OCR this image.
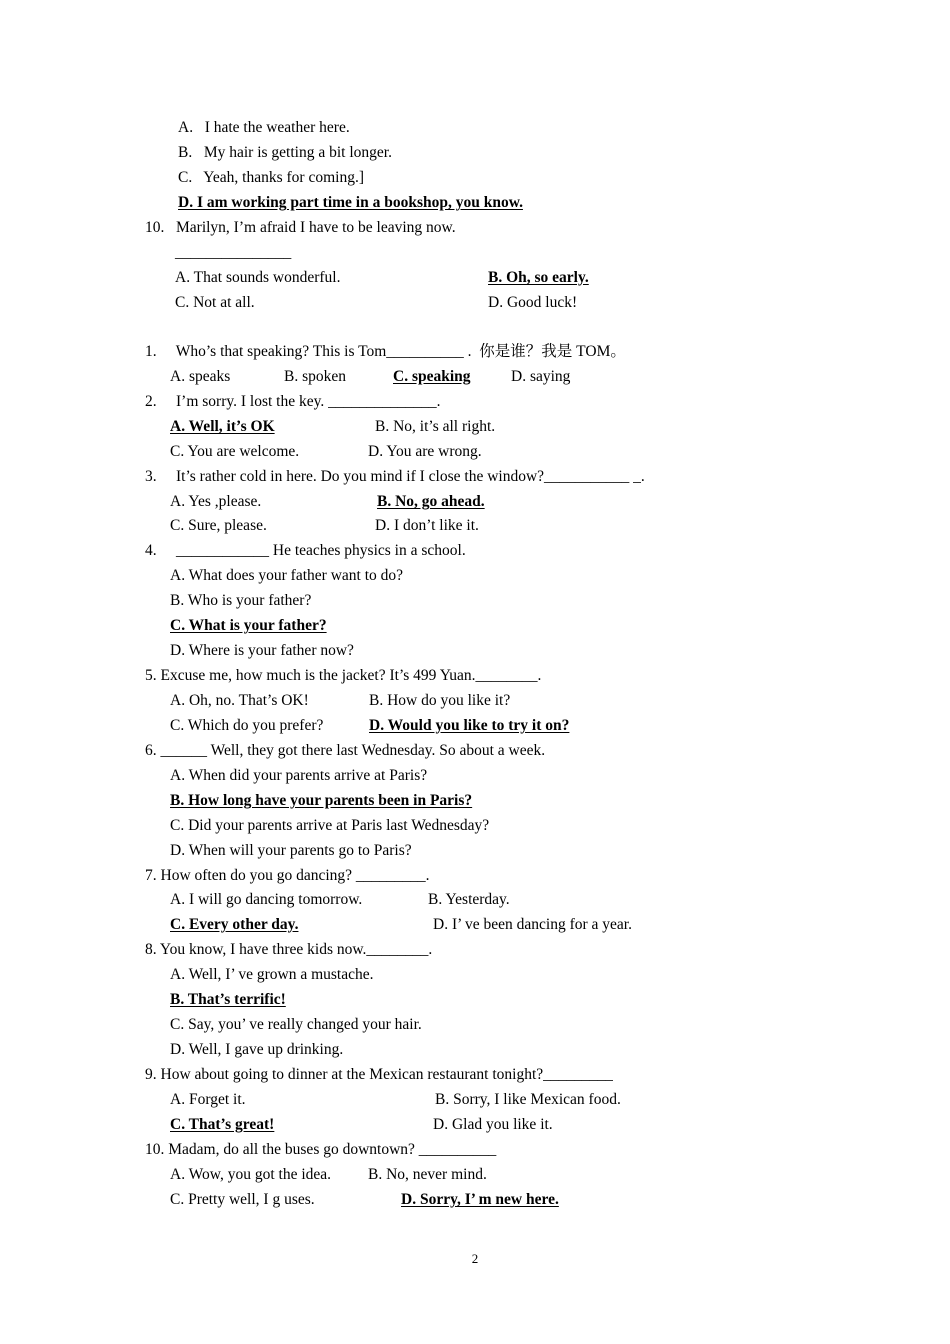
A.   I hate the weather here.
B.   My hair is getting a bit longer.
C.   Yeah, thanks for coming.]
D. I am working part time in a bookshop, you know.
10.   Marilyn, I’m afraid I have to be leaving now.
_______________
A. That sounds wonderful.	B. Oh, so early.
C. Not at all.	D. Good luck!
1.     Who’s that speaking? This is Tom__________ .  你是谁？我是 TOM。
A. speaks	B. spoken	C. speaking	D. saying
2.     I’m sorry. I lost the key. ______________.
A. Well, it’s OK	B. No, it’s all right.
C. You are welcome.	D. You are wrong.
3.     It’s rather cold in here. Do you mind if I close the window?___________ _.
A. Yes ,please.	B. No, go ahead.
C. Sure, please.	D. I don’t like it.
4.     ____________ He teaches physics in a school.
A. What does your father want to do?
B. Who is your father?
C. What is your father?
D. Where is your father now?
5. Excuse me, how much is the jacket? It’s 499 Yuan.________.
A. Oh, no. That’s OK!	B. How do you like it?
C. Which do you prefer?	D. Would you like to try it on?
6. ______ Well, they got there last Wednesday. So about a week.
A. When did your parents arrive at Paris?
B. How long have your parents been in Paris?
C. Did your parents arrive at Paris last Wednesday?
D. When will your parents go to Paris?
7. How often do you go dancing? _________.
A. I will go dancing tomorrow.	B. Yesterday.
C. Every other day.	D. I’ ve been dancing for a year.
8. You know, I have three kids now.________.
A. Well, I’ ve grown a mustache.
B. That’s terrific!
C. Say, you’ ve really changed your hair.
D. Well, I gave up drinking.
9. How about going to dinner at the Mexican restaurant tonight?_________
A. Forget it.	B. Sorry, I like Mexican food.
C. That’s great!	D. Glad you like it.
10. Madam, do all the buses go downtown? __________
A. Wow, you got the idea. B. No, never mind.
C. Pretty well, I g uses.	D. Sorry, I’ m new here.
2
